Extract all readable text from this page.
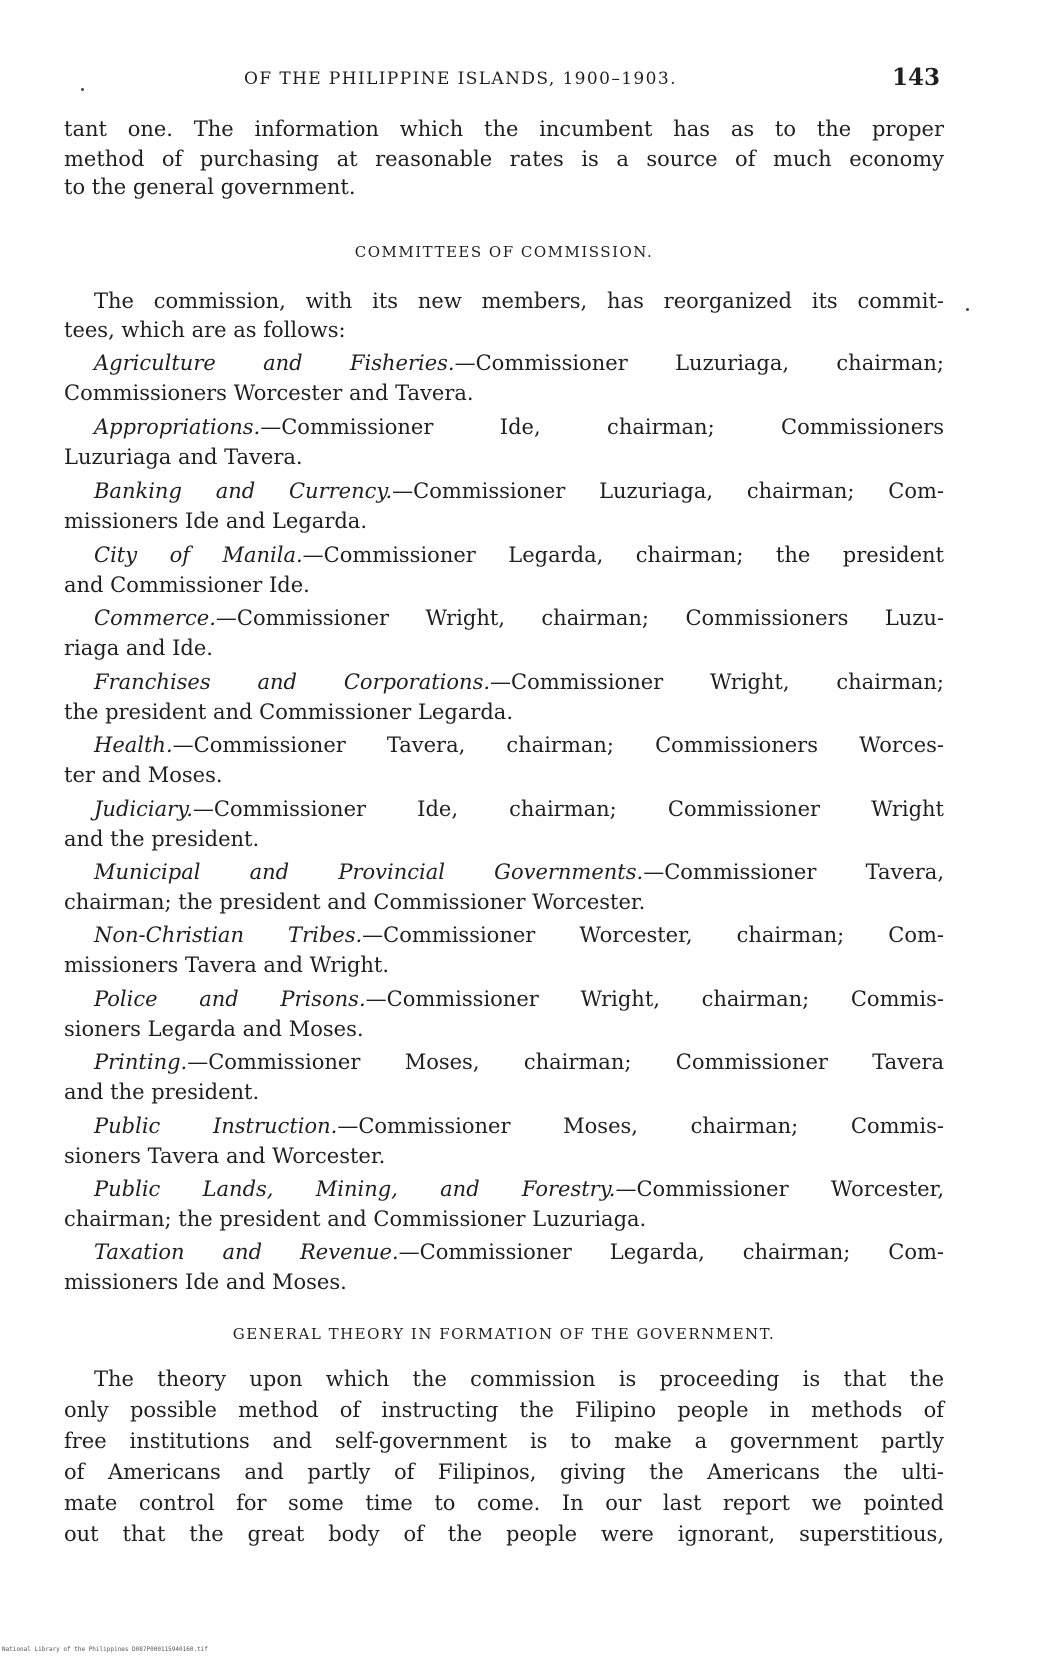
OF THE PHILIPPINE ISLANDS, 1900–1903.	143
tant one. The information which the incumbent has as to the proper
method of purchasing at reasonable rates is a source of much economy
to the general government.
COMMITTEES OF COMMISSION.
The commission, with its new members, has reorganized its commit-
tees, which are as follows:
Agriculture and Fisheries.—Commissioner Luzuriaga, chairman;
Commissioners Worcester and Tavera.
Appropriations.—Commissioner Ide, chairman; Commissioners
Luzuriaga and Tavera.
Banking and Currency.—Commissioner Luzuriaga, chairman; Com-
missioners Ide and Legarda.
City of Manila.—Commissioner Legarda, chairman; the president
and Commissioner Ide.
Commerce.—Commissioner Wright, chairman; Commissioners Luzu-
riaga and Ide.
Franchises and Corporations.—Commissioner Wright, chairman;
the president and Commissioner Legarda.
Health.—Commissioner Tavera, chairman; Commissioners Worces-
ter and Moses.
Judiciary.—Commissioner Ide, chairman; Commissioner Wright
and the president.
Municipal and Provincial Governments.—Commissioner Tavera,
chairman; the president and Commissioner Worcester.
Non-Christian Tribes.—Commissioner Worcester, chairman; Com-
missioners Tavera and Wright.
Police and Prisons.—Commissioner Wright, chairman; Commis-
sioners Legarda and Moses.
Printing.—Commissioner Moses, chairman; Commissioner Tavera
and the president.
Public Instruction.—Commissioner Moses, chairman; Commis-
sioners Tavera and Worcester.
Public Lands, Mining, and Forestry.—Commissioner Worcester,
chairman; the president and Commissioner Luzuriaga.
Taxation and Revenue.—Commissioner Legarda, chairman; Com-
missioners Ide and Moses.
GENERAL THEORY IN FORMATION OF THE GOVERNMENT.
The theory upon which the commission is proceeding is that the
only possible method of instructing the Filipino people in methods of
free institutions and self-government is to make a government partly
of Americans and partly of Filipinos, giving the Americans the ulti-
mate control for some time to come. In our last report we pointed
out that the great body of the people were ignorant, superstitious,
National Library of the Philippines D087P000115940160.tif
